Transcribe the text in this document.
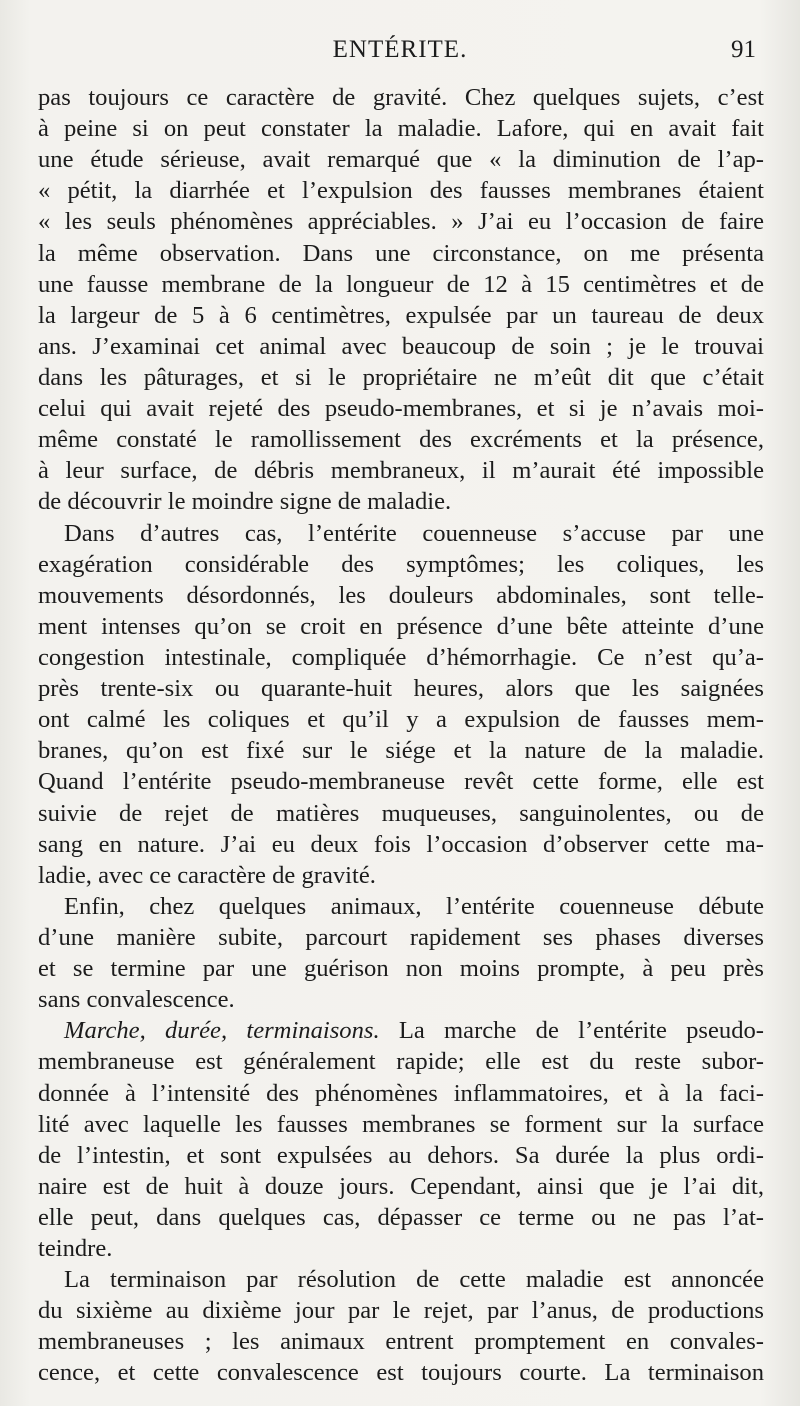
ENTÉRITE.	91
pas toujours ce caractère de gravité. Chez quelques sujets, c’est
à peine si on peut constater la maladie. Lafore, qui en avait fait
une étude sérieuse, avait remarqué que « la diminution de l’ap-
« pétit, la diarrhée et l’expulsion des fausses membranes étaient
« les seuls phénomènes appréciables. » J’ai eu l’occasion de faire
la même observation. Dans une circonstance, on me présenta
une fausse membrane de la longueur de 12 à 15 centimètres et de
la largeur de 5 à 6 centimètres, expulsée par un taureau de deux
ans. J’examinai cet animal avec beaucoup de soin ; je le trouvai
dans les pâturages, et si le propriétaire ne m’eût dit que c’était
celui qui avait rejeté des pseudo-membranes, et si je n’avais moi-
même constaté le ramollissement des excréments et la présence,
à leur surface, de débris membraneux, il m’aurait été impossible
de découvrir le moindre signe de maladie.
Dans d’autres cas, l’entérite couenneuse s’accuse par une
exagération considérable des symptômes; les coliques, les
mouvements désordonnés, les douleurs abdominales, sont telle-
ment intenses qu’on se croit en présence d’une bête atteinte d’une
congestion intestinale, compliquée d’hémorrhagie. Ce n’est qu’a-
près trente-six ou quarante-huit heures, alors que les saignées
ont calmé les coliques et qu’il y a expulsion de fausses mem-
branes, qu’on est fixé sur le siége et la nature de la maladie.
Quand l’entérite pseudo-membraneuse revêt cette forme, elle est
suivie de rejet de matières muqueuses, sanguinolentes, ou de
sang en nature. J’ai eu deux fois l’occasion d’observer cette ma-
ladie, avec ce caractère de gravité.
Enfin, chez quelques animaux, l’entérite couenneuse débute
d’une manière subite, parcourt rapidement ses phases diverses
et se termine par une guérison non moins prompte, à peu près
sans convalescence.
Marche, durée, terminaisons. La marche de l’entérite pseudo-
membraneuse est généralement rapide; elle est du reste subor-
donnée à l’intensité des phénomènes inflammatoires, et à la faci-
lité avec laquelle les fausses membranes se forment sur la surface
de l’intestin, et sont expulsées au dehors. Sa durée la plus ordi-
naire est de huit à douze jours. Cependant, ainsi que je l’ai dit,
elle peut, dans quelques cas, dépasser ce terme ou ne pas l’at-
teindre.
La terminaison par résolution de cette maladie est annoncée
du sixième au dixième jour par le rejet, par l’anus, de productions
membraneuses ; les animaux entrent promptement en convales-
cence, et cette convalescence est toujours courte. La terminaison
